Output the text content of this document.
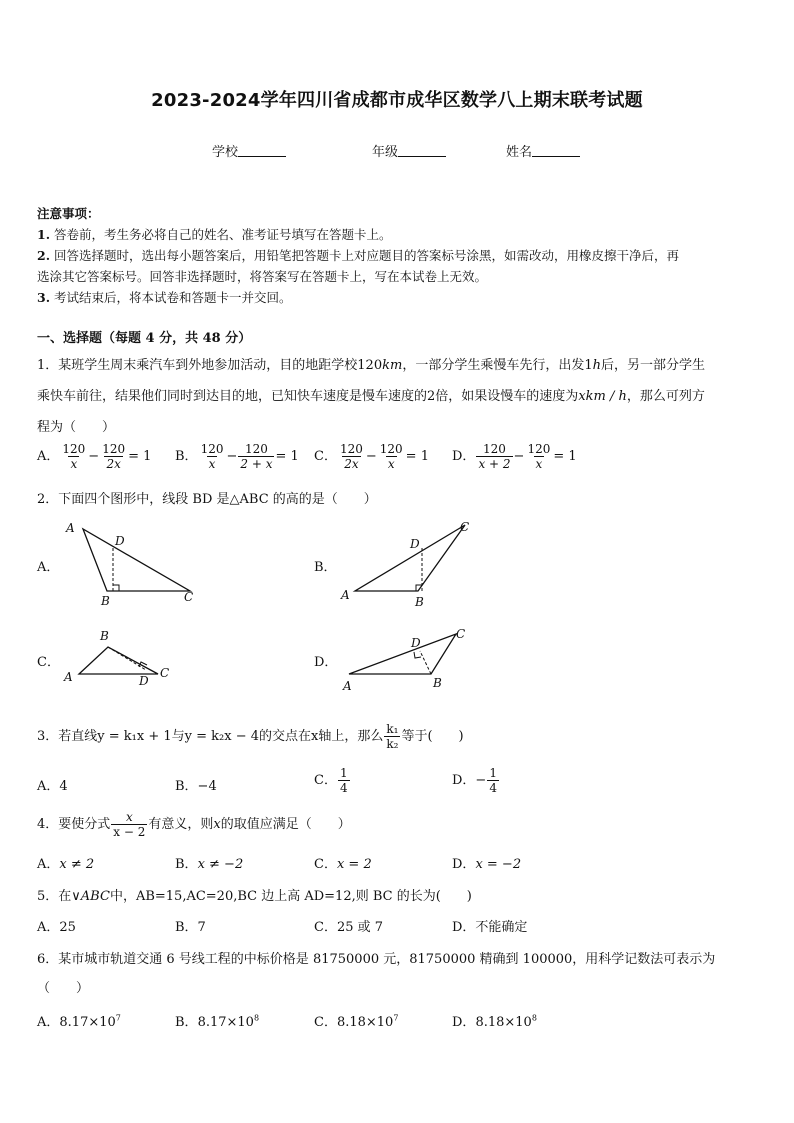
2023-2024学年四川省成都市成华区数学八上期末联考试题
学校	年级	姓名
注意事项：
1. 答卷前，考生务必将自己的姓名、准考证号填写在答题卡上。
2. 回答选择题时，选出每小题答案后，用铅笔把答题卡上对应题目的答案标号涂黑，如需改动，用橡皮擦干净后，再
选涂其它答案标号。回答非选择题时，将答案写在答题卡上，写在本试卷上无效。
3. 考试结束后，将本试卷和答题卡一并交回。
一、选择题（每题 4 分，共 48 分）
1．某班学生周末乘汽车到外地参加活动，目的地距学校120km，一部分学生乘慢车先行，出发1h后，另一部分学生
乘快车前往，结果他们同时到达目的地，已知快车速度是慢车速度的2倍，如果设慢车的速度为xkm / h，那么可列方
程为（　　）
A． $\frac{120}{x} - \frac{120}{2x} = 1$ B． $\frac{120}{x} - \frac{120}{2 + x} = 1$ C． $\frac{120}{2x} - \frac{120}{x} = 1$ D． $\frac{120}{x + 2} - \frac{120}{x} = 1$
2．下面四个图形中，线段 BD 是△ABC 的高的是（　　）
A．	B．
C．	D．
A
D
B	C	A
D
B
C
A
B
D
C
A
D
B
C
3．若直线y = k₁x + 1与y = k₂x − 4的交点在x轴上，那么 $\frac{\text{k₁}}{\text{k₂}}$ 等于(　　)
A．4	B．−4	C． $\frac{1}{4}$	D．− $\frac{1}{4}$
4．要使分式 $\frac{x}{x - 2}$ 有意义，则x的取值应满足（　　）
A．x ≠ 2	B．x ≠ −2	C．x = 2	D．x = −2
5．在∨ABC中，AB=15,AC=20,BC 边上高 AD=12,则 BC 的长为(　　)
A．25	B．7	C．25 或 7	D．不能确定
6．某市城市轨道交通 6 号线工程的中标价格是 81750000 元，81750000 精确到 100000，用科学记数法可表示为
（　　）
A．$8.17\times 10^7$	B．$8.17\times 10^8$	C．$8.18\times 10^7$	D．$8.18\times 10^8$
